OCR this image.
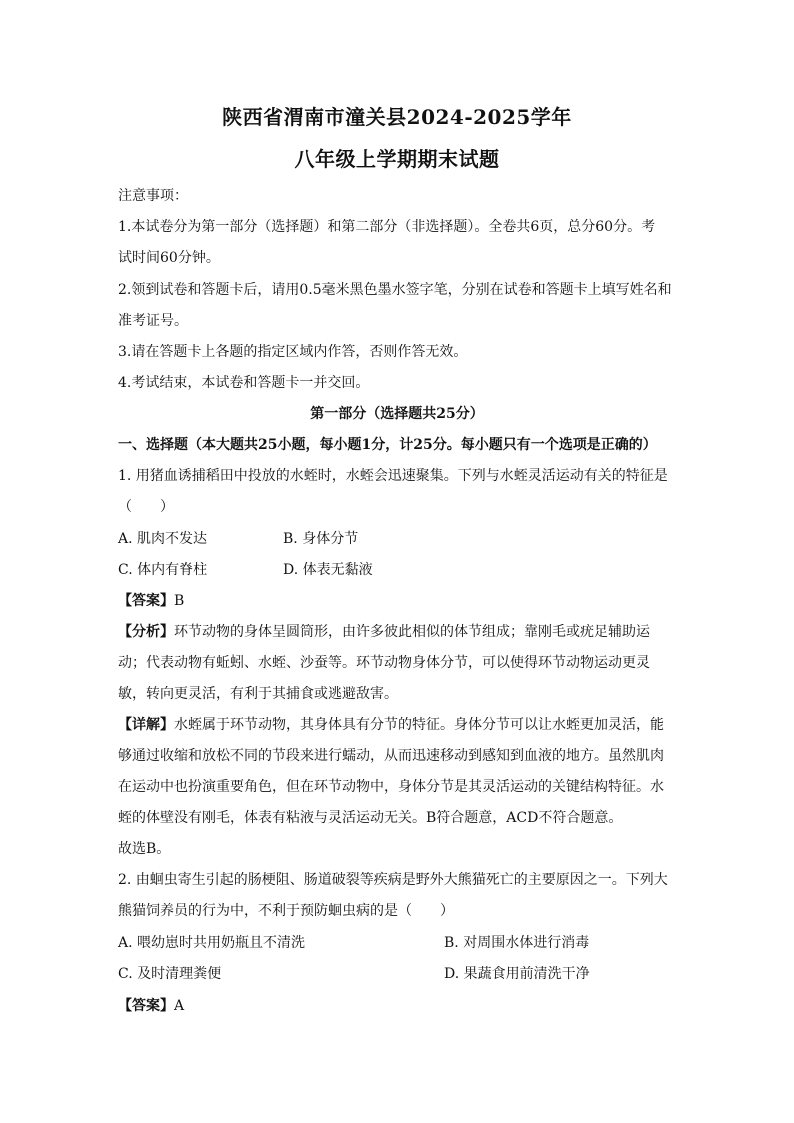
陕西省渭南市潼关县2024-2025学年
八年级上学期期末试题
注意事项：
1.本试卷分为第一部分（选择题）和第二部分（非选择题）。全卷共6页，总分60分。考
试时间60分钟。
2.领到试卷和答题卡后，请用0.5毫米黑色墨水签字笔，分别在试卷和答题卡上填写姓名和
准考证号。
3.请在答题卡上各题的指定区域内作答，否则作答无效。
4.考试结束，本试卷和答题卡一并交回。
第一部分（选择题共25分）
一、选择题（本大题共25小题，每小题1分，计25分。每小题只有一个选项是正确的）
1. 用猪血诱捕稻田中投放的水蛭时，水蛭会迅速聚集。下列与水蛭灵活运动有关的特征是
（　　）
A. 肌肉不发达	B. 身体分节
C. 体内有脊柱	D. 体表无黏液
【答案】B
【分析】环节动物的身体呈圆筒形，由许多彼此相似的体节组成；靠刚毛或疣足辅助运
动；代表动物有蚯蚓、水蛭、沙蚕等。环节动物身体分节，可以使得环节动物运动更灵
敏，转向更灵活，有利于其捕食或逃避敌害。
【详解】水蛭属于环节动物，其身体具有分节的特征。身体分节可以让水蛭更加灵活，能
够通过收缩和放松不同的节段来进行蠕动，从而迅速移动到感知到血液的地方。虽然肌肉
在运动中也扮演重要角色，但在环节动物中，身体分节是其灵活运动的关键结构特征。水
蛭的体壁没有刚毛，体表有粘液与灵活运动无关。B符合题意，ACD不符合题意。
故选B。
2. 由蛔虫寄生引起的肠梗阻、肠道破裂等疾病是野外大熊猫死亡的主要原因之一。下列大
熊猫饲养员的行为中，不利于预防蛔虫病的是（　　）
A. 喂幼崽时共用奶瓶且不清洗	B. 对周围水体进行消毒
C. 及时清理粪便	D. 果蔬食用前清洗干净
【答案】A
